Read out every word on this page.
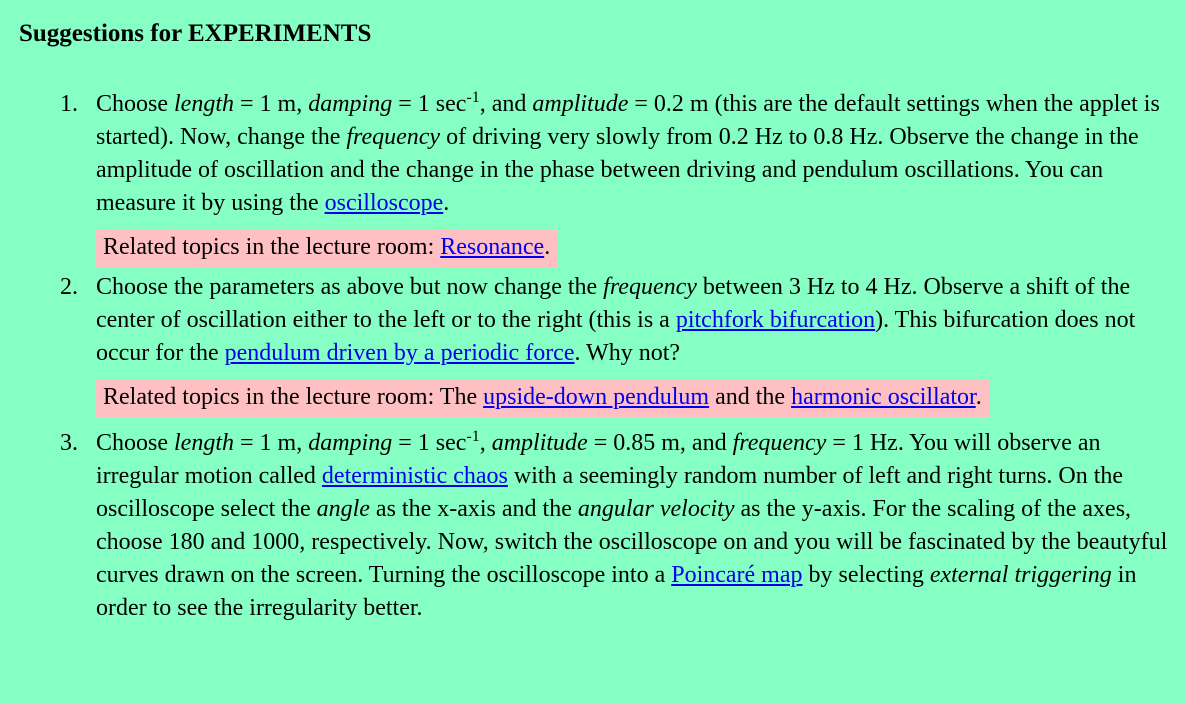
Suggestions for EXPERIMENTS
1. Choose length = 1 m, damping = 1 $\sec^{-1}$, and amplitude = 0.2 m (this are the default settings when the applet is started). Now, change the frequency of driving very slowly from 0.2 Hz to 0.8 Hz. Observe the change in the amplitude of oscillation and the change in the phase between driving and pendulum oscillations. You can measure it by using the oscilloscope.

Related topics in the lecture room: Resonance.
2. Choose the parameters as above but now change the frequency between 3 Hz to 4 Hz. Observe a shift of the center of oscillation either to the left or to the right (this is a pitchfork bifurcation). This bifurcation does not occur for the pendulum driven by a periodic force. Why not?

Related topics in the lecture room: The upside-down pendulum and the harmonic oscillator.
3. Choose length = 1 m, damping = 1 $\sec^{-1}$, amplitude = 0.85 m, and frequency = 1 Hz. You will observe an irregular motion called deterministic chaos with a seemingly random number of left and right turns. On the oscilloscope select the angle as the x-axis and the angular velocity as the y-axis. For the scaling of the axes, choose 180 and 1000, respectively. Now, switch the oscilloscope on and you will be fascinated by the beautyful curves drawn on the screen. Turning the oscilloscope into a Poincaré map by selecting external triggering in order to see the irregularity better.
